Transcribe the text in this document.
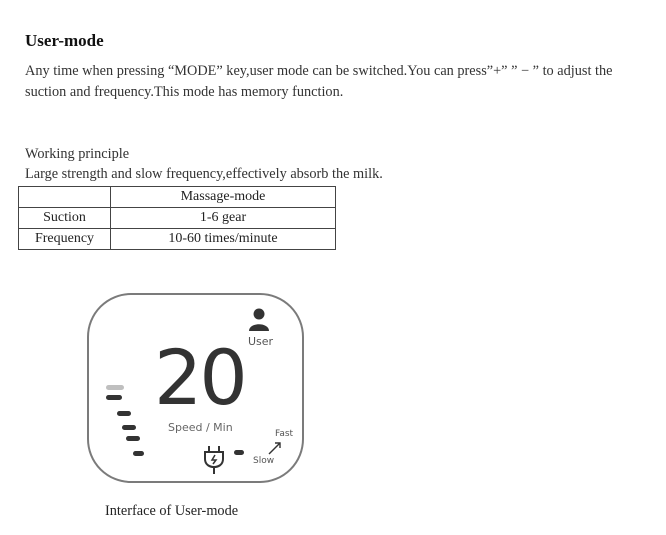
User-mode
Any time when pressing “MODE” key,user mode can be switched.You can press”+” ” − ” to adjust the suction and frequency.This mode has memory function.
Working principle
Large strength and slow frequency,effectively absorb the milk.
	Massage-mode
Suction	1-6 gear
Frequency	10-60 times/minute
User
20
Speed / Min	Fast
Slow
Interface of User-mode
